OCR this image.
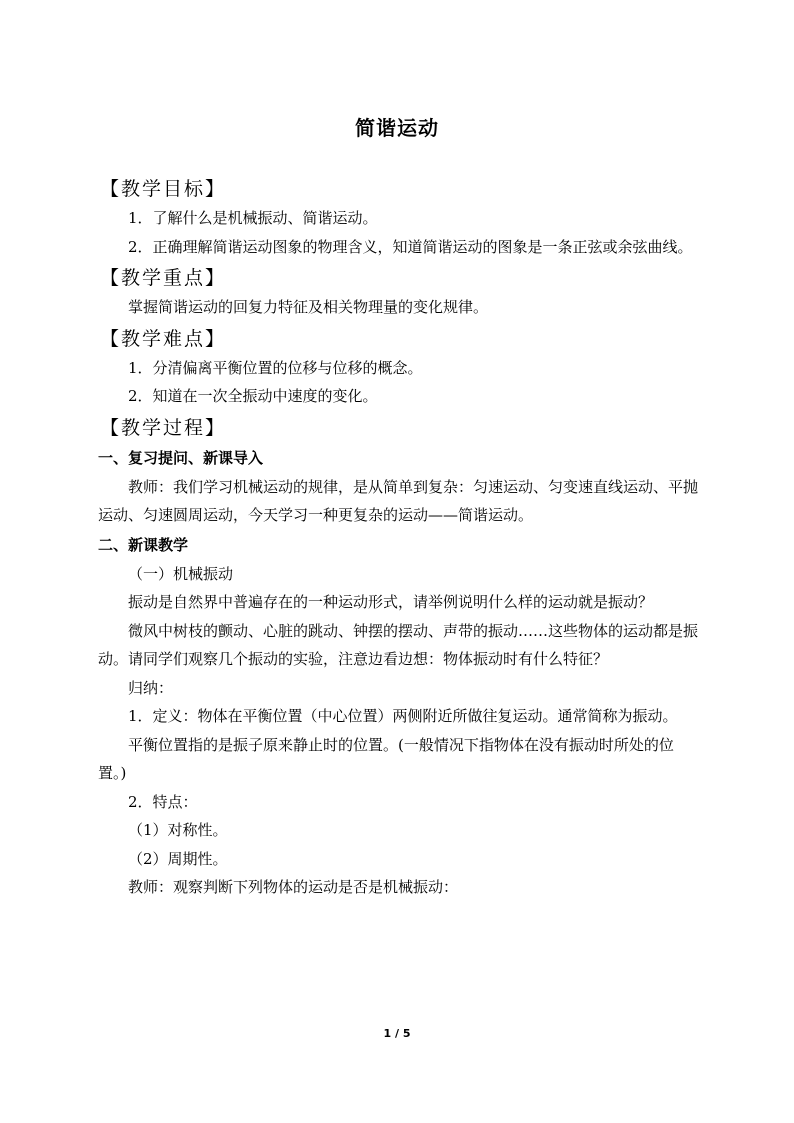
简谐运动
【教学目标】

1．了解什么是机械振动、简谐运动。

2．正确理解简谐运动图象的物理含义，知道简谐运动的图象是一条正弦或余弦曲线。

【教学重点】

掌握简谐运动的回复力特征及相关物理量的变化规律。

【教学难点】

1．分清偏离平衡位置的位移与位移的概念。

2．知道在一次全振动中速度的变化。

【教学过程】
一、复习提问、新课导入

教师：我们学习机械运动的规律，是从简单到复杂：匀速运动、匀变速直线运动、平抛运动、匀速圆周运动，今天学习一种更复杂的运动——简谐运动。

二、新课教学

（一）机械振动

振动是自然界中普遍存在的一种运动形式，请举例说明什么样的运动就是振动？

微风中树枝的颤动、心脏的跳动、钟摆的摆动、声带的振动……这些物体的运动都是振动。请同学们观察几个振动的实验，注意边看边想：物体振动时有什么特征？

归纳：

1．定义：物体在平衡位置（中心位置）两侧附近所做往复运动。通常简称为振动。

平衡位置指的是振子原来静止时的位置。(一般情况下指物体在没有振动时所处的位置。)

2．特点：

（1）对称性。

（2）周期性。

教师：观察判断下列物体的运动是否是机械振动：

1 / 5
